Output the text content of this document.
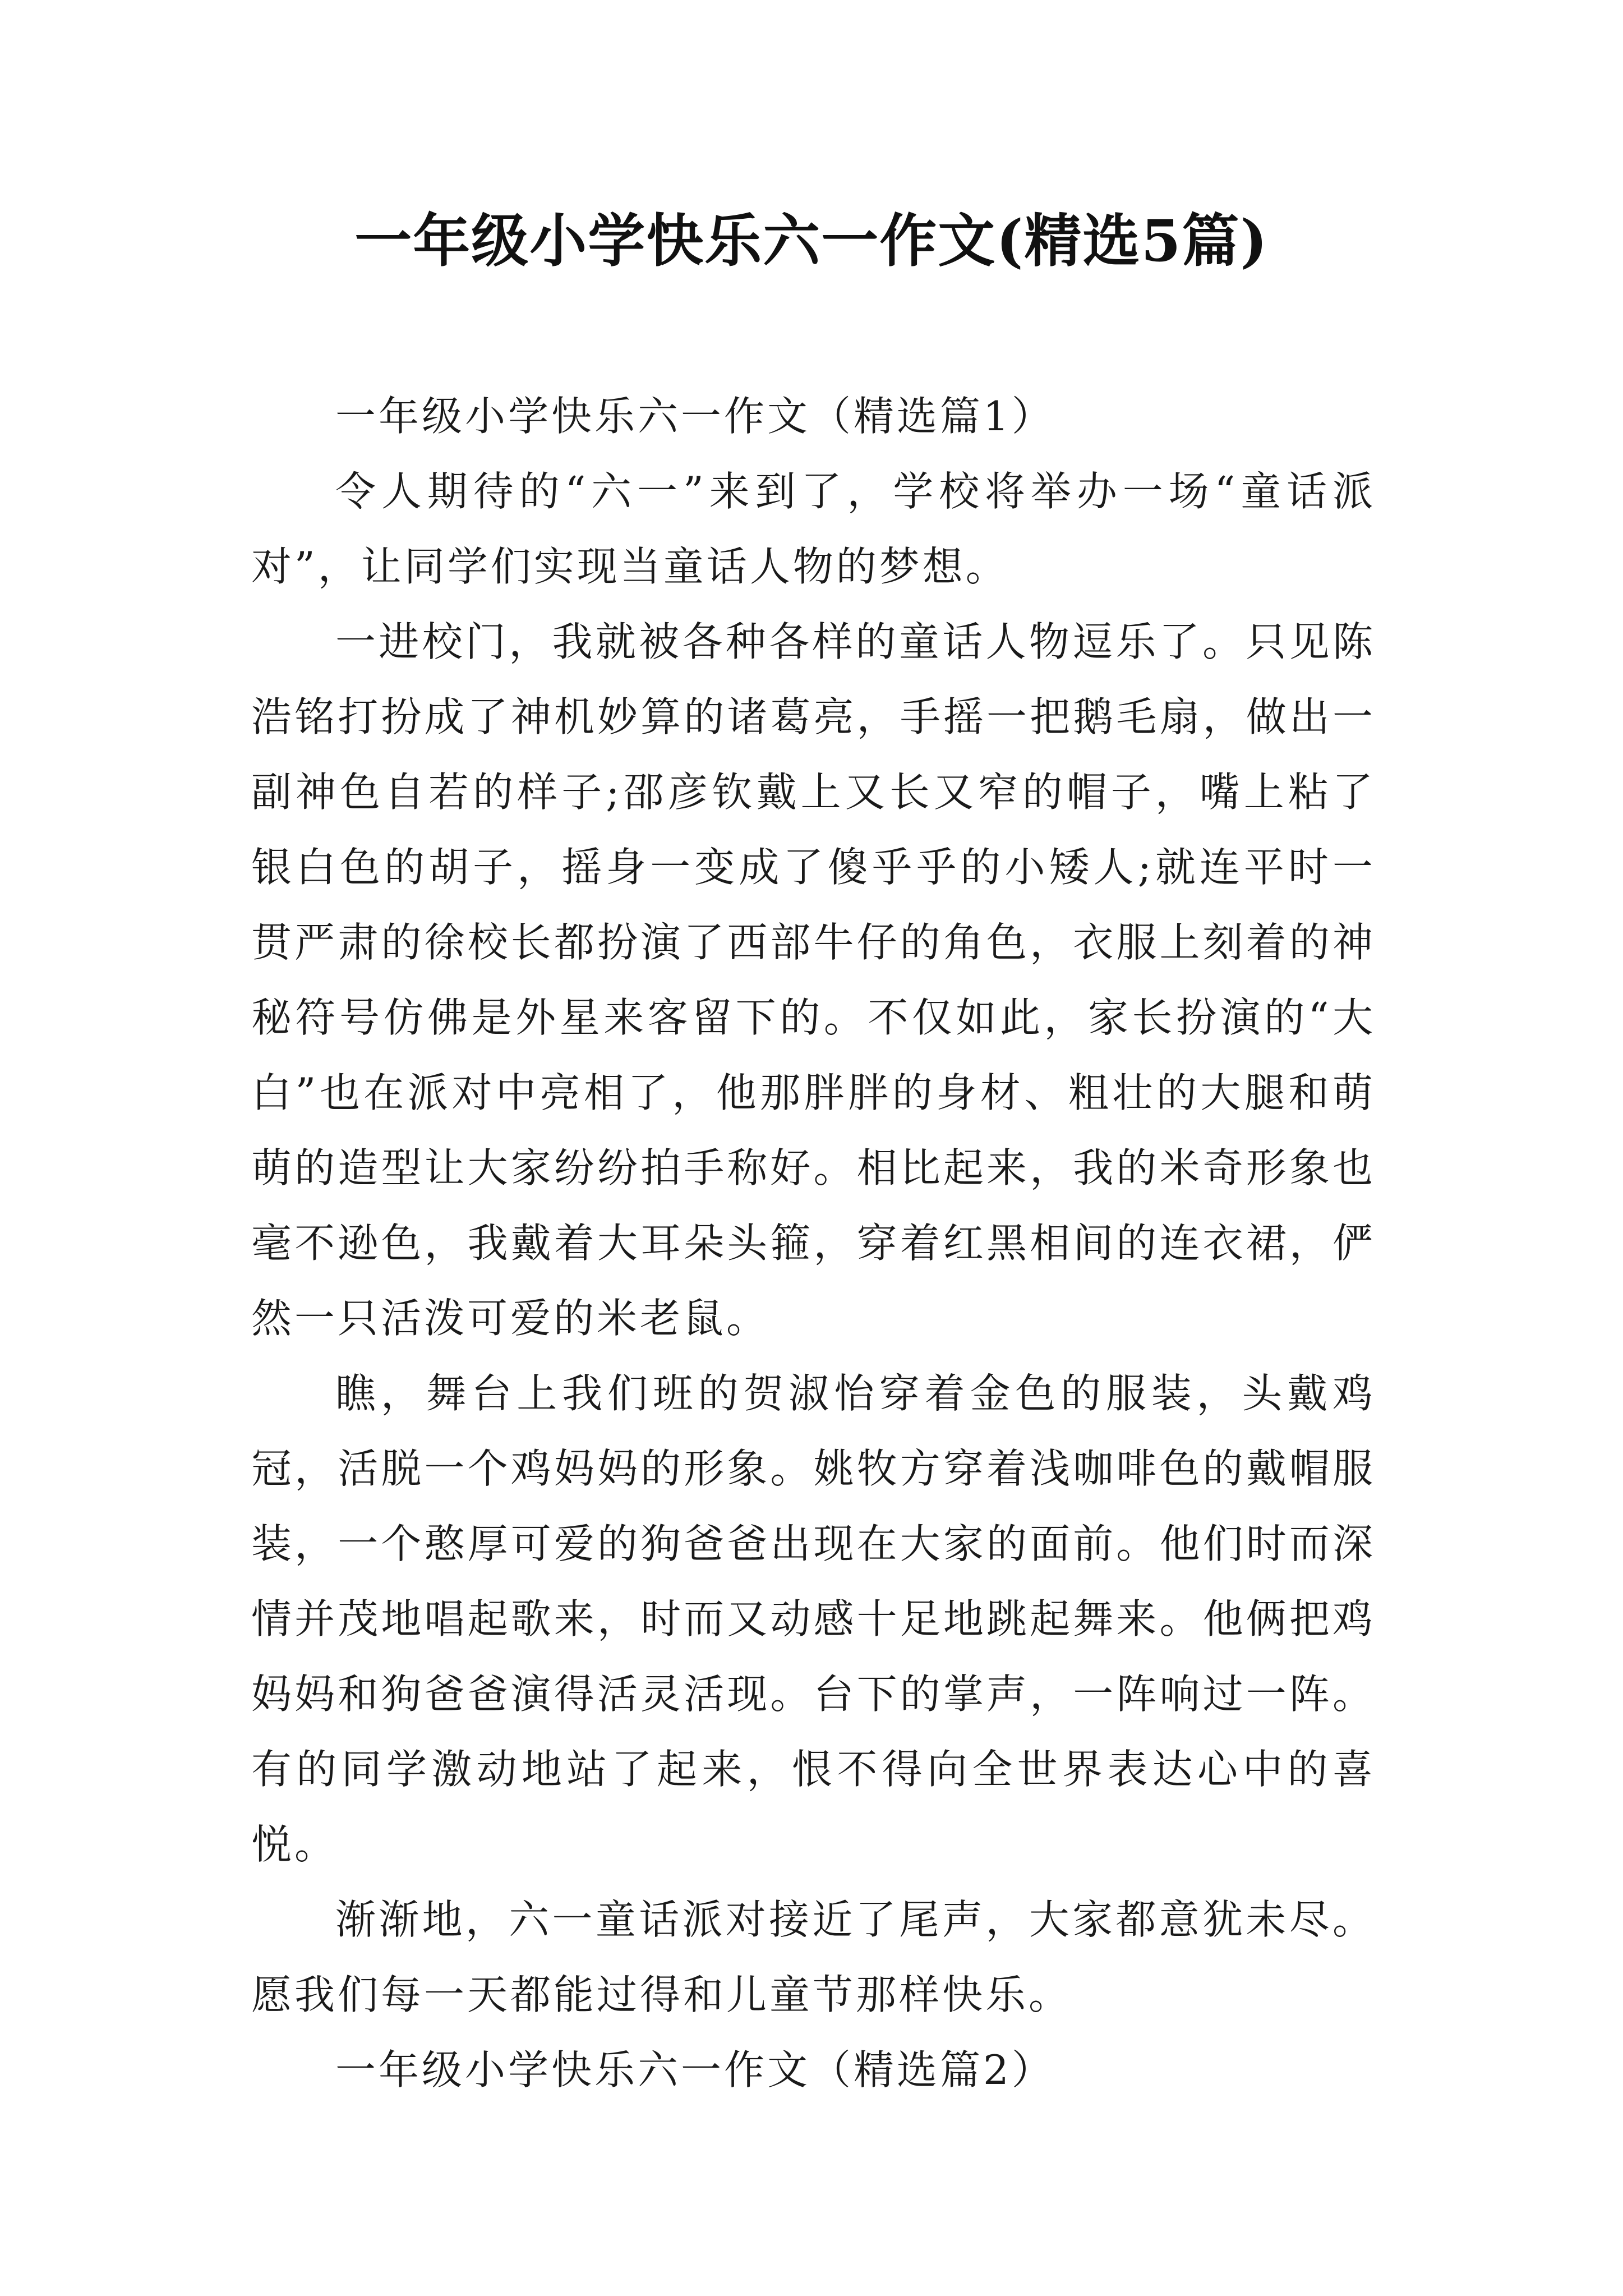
一年级小学快乐六一作文(精选5篇)

一年级小学快乐六一作文（精选篇1）

令人期待的“六一”来到了，学校将举办一场“童话派对”，让同学们实现当童话人物的梦想。

一进校门，我就被各种各样的童话人物逗乐了。只见陈浩铭打扮成了神机妙算的诸葛亮，手摇一把鹅毛扇，做出一副神色自若的样子;邵彦钦戴上又长又窄的帽子，嘴上粘了银白色的胡子，摇身一变成了傻乎乎的小矮人;就连平时一贯严肃的徐校长都扮演了西部牛仔的角色，衣服上刻着的神秘符号仿佛是外星来客留下的。不仅如此，家长扮演的“大白”也在派对中亮相了，他那胖胖的身材、粗壮的大腿和萌萌的造型让大家纷纷拍手称好。相比起来，我的米奇形象也毫不逊色，我戴着大耳朵头箍，穿着红黑相间的连衣裙，俨然一只活泼可爱的米老鼠。

瞧，舞台上我们班的贺淑怡穿着金色的服装，头戴鸡冠，活脱一个鸡妈妈的形象。姚牧方穿着浅咖啡色的戴帽服装，一个憨厚可爱的狗爸爸出现在大家的面前。他们时而深情并茂地唱起歌来，时而又动感十足地跳起舞来。他俩把鸡妈妈和狗爸爸演得活灵活现。台下的掌声，一阵响过一阵。有的同学激动地站了起来，恨不得向全世界表达心中的喜悦。

渐渐地，六一童话派对接近了尾声，大家都意犹未尽。愿我们每一天都能过得和儿童节那样快乐。

一年级小学快乐六一作文（精选篇2）
